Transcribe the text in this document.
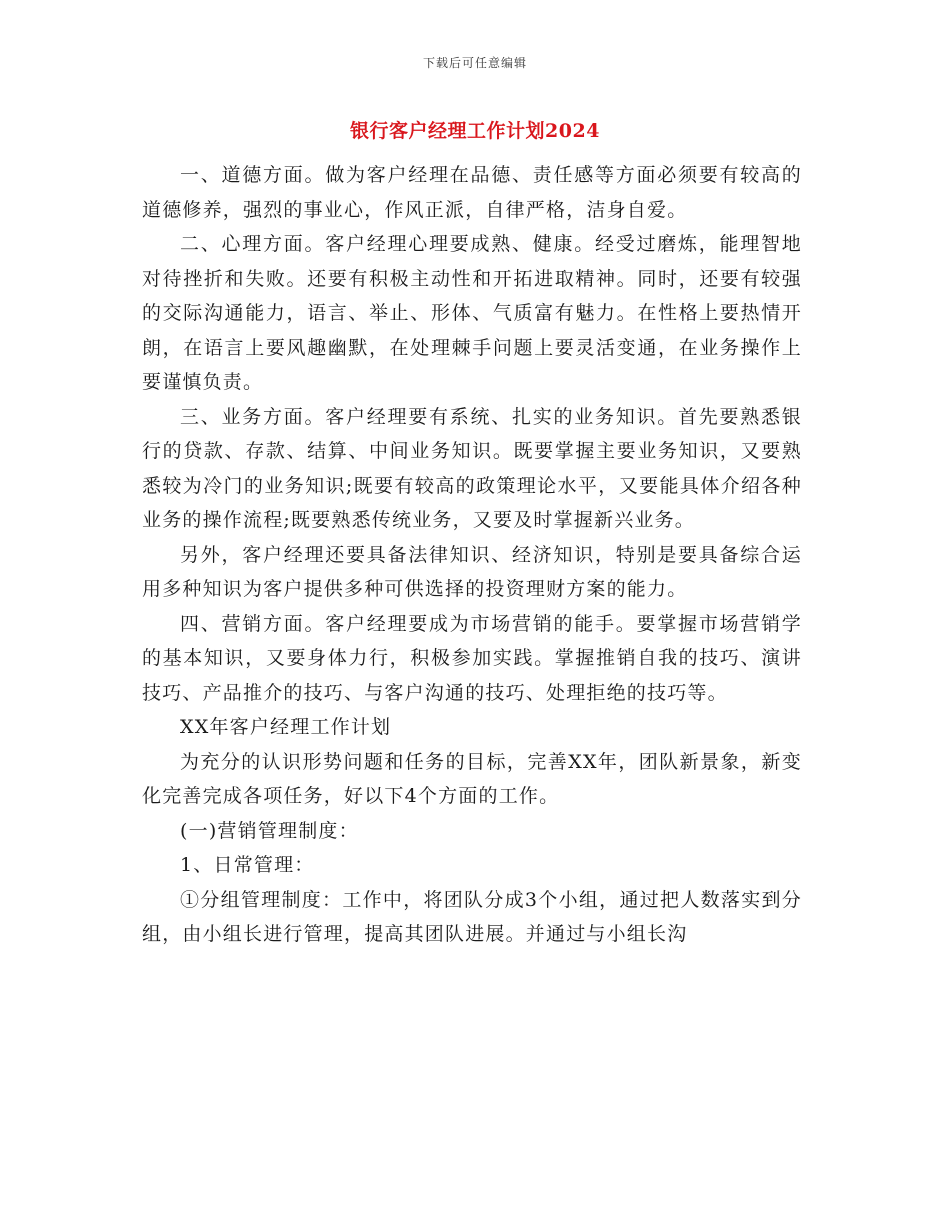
下载后可任意编辑
银行客户经理工作计划2024

一、道德方面。做为客户经理在品德、责任感等方面必须要有较高的道德修养，强烈的事业心，作风正派，自律严格，洁身自爱。

二、心理方面。客户经理心理要成熟、健康。经受过磨炼，能理智地对待挫折和失败。还要有积极主动性和开拓进取精神。同时，还要有较强的交际沟通能力，语言、举止、形体、气质富有魅力。在性格上要热情开朗，在语言上要风趣幽默，在处理棘手问题上要灵活变通，在业务操作上要谨慎负责。

三、业务方面。客户经理要有系统、扎实的业务知识。首先要熟悉银行的贷款、存款、结算、中间业务知识。既要掌握主要业务知识，又要熟悉较为冷门的业务知识;既要有较高的政策理论水平，又要能具体介绍各种业务的操作流程;既要熟悉传统业务，又要及时掌握新兴业务。

另外，客户经理还要具备法律知识、经济知识，特别是要具备综合运用多种知识为客户提供多种可供选择的投资理财方案的能力。

四、营销方面。客户经理要成为市场营销的能手。要掌握市场营销学的基本知识，又要身体力行，积极参加实践。掌握推销自我的技巧、演讲技巧、产品推介的技巧、与客户沟通的技巧、处理拒绝的技巧等。

XX年客户经理工作计划

为充分的认识形势问题和任务的目标，完善XX年，团队新景象，新变化完善完成各项任务，好以下4个方面的工作。

(一)营销管理制度：

1、日常管理：

①分组管理制度：工作中，将团队分成3个小组，通过把人数落实到分组，由小组长进行管理，提高其团队进展。并通过与小组长沟
